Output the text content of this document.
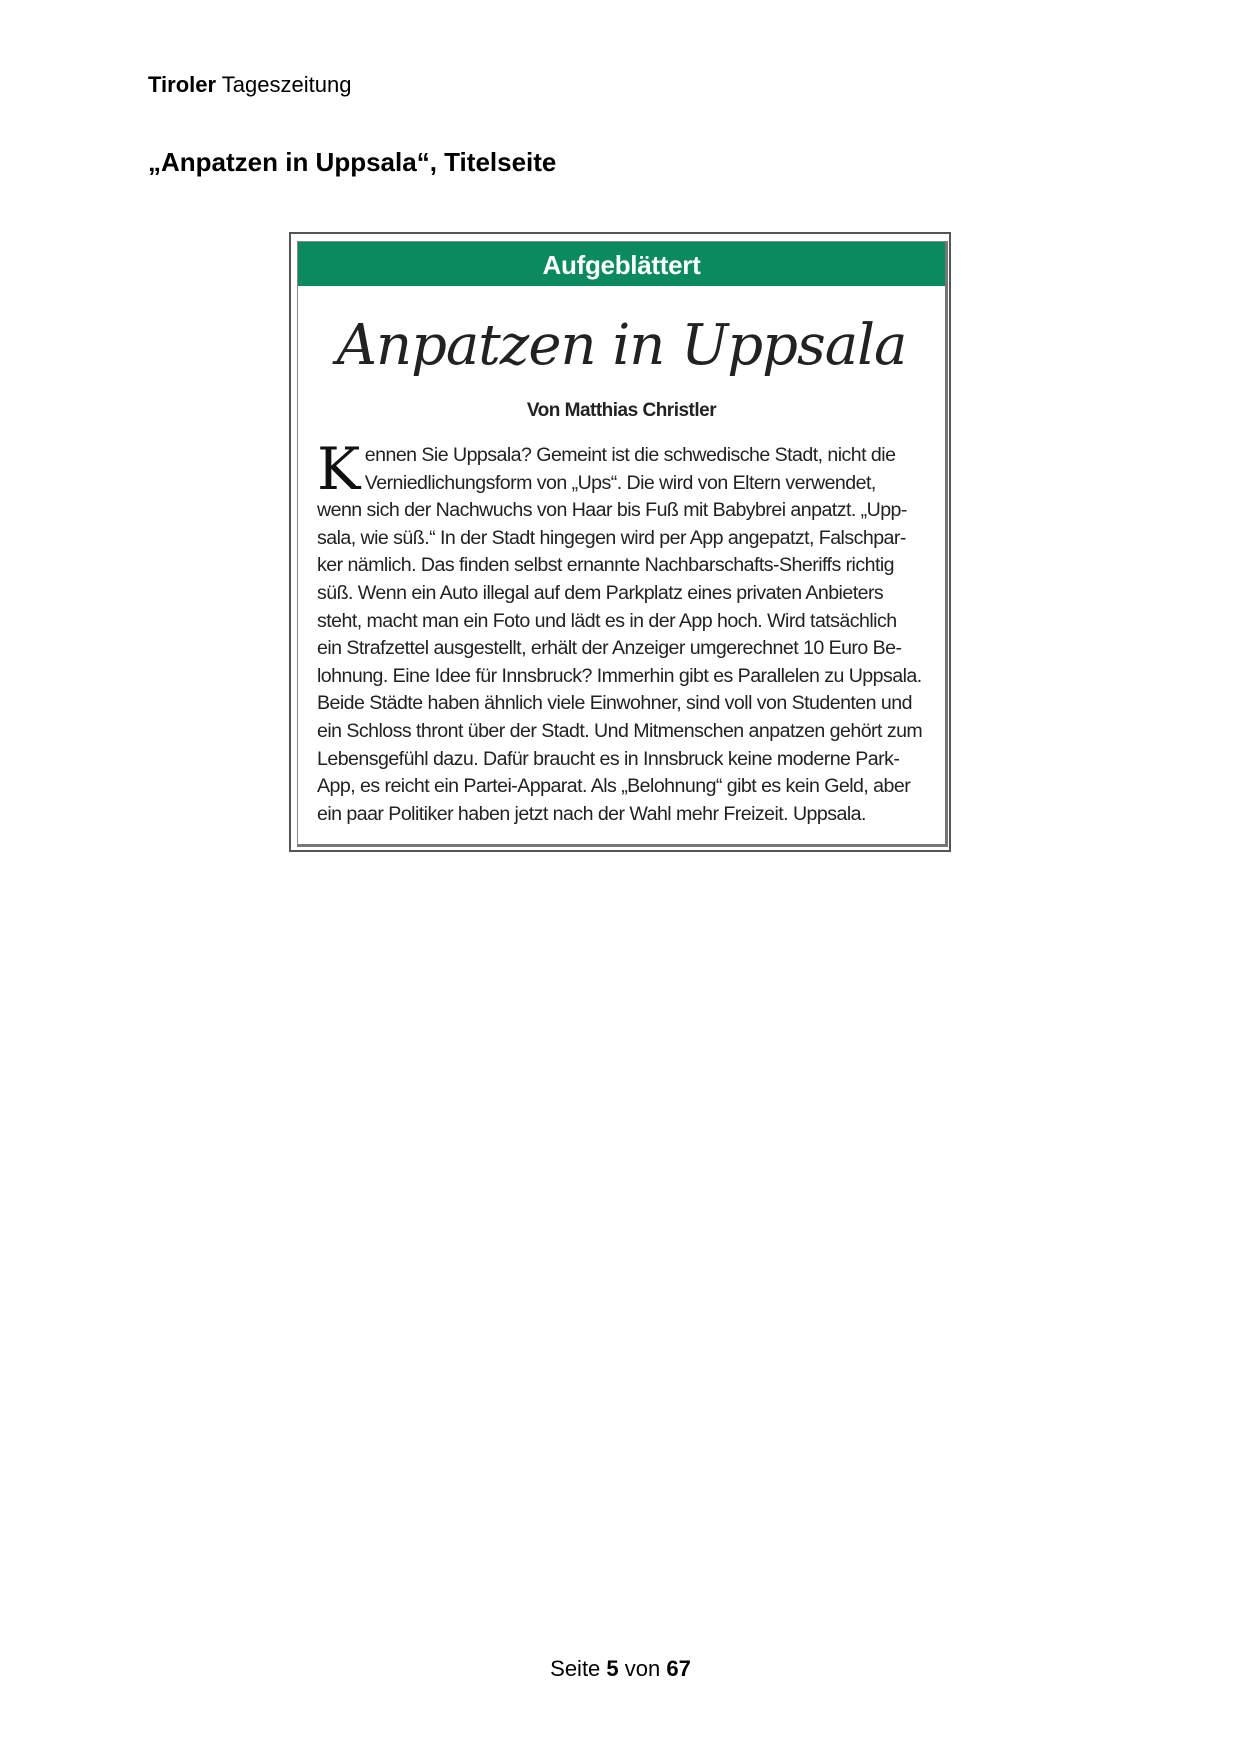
Tiroler Tageszeitung
„Anpatzen in Uppsala“, Titelseite
Aufgeblättert
Anpatzen in Uppsala
Von Matthias Christler
K ennen Sie Uppsala? Gemeint ist die schwedische Stadt, nicht die
Verniedlichungsform von „Ups“. Die wird von Eltern verwendet,
wenn sich der Nachwuchs von Haar bis Fuß mit Babybrei anpatzt. „Upp-
sala, wie süß.“ In der Stadt hingegen wird per App angepatzt, Falschpar-
ker nämlich. Das finden selbst ernannte Nachbarschafts-Sheriffs richtig
süß. Wenn ein Auto illegal auf dem Parkplatz eines privaten Anbieters
steht, macht man ein Foto und lädt es in der App hoch. Wird tatsächlich
ein Strafzettel ausgestellt, erhält der Anzeiger umgerechnet 10 Euro Be-
lohnung. Eine Idee für Innsbruck? Immerhin gibt es Parallelen zu Uppsala.
Beide Städte haben ähnlich viele Einwohner, sind voll von Studenten und
ein Schloss thront über der Stadt. Und Mitmenschen anpatzen gehört zum
Lebensgefühl dazu. Dafür braucht es in Innsbruck keine moderne Park-
App, es reicht ein Partei-Apparat. Als „Belohnung“ gibt es kein Geld, aber
ein paar Politiker haben jetzt nach der Wahl mehr Freizeit. Uppsala.
Seite 5 von 67
